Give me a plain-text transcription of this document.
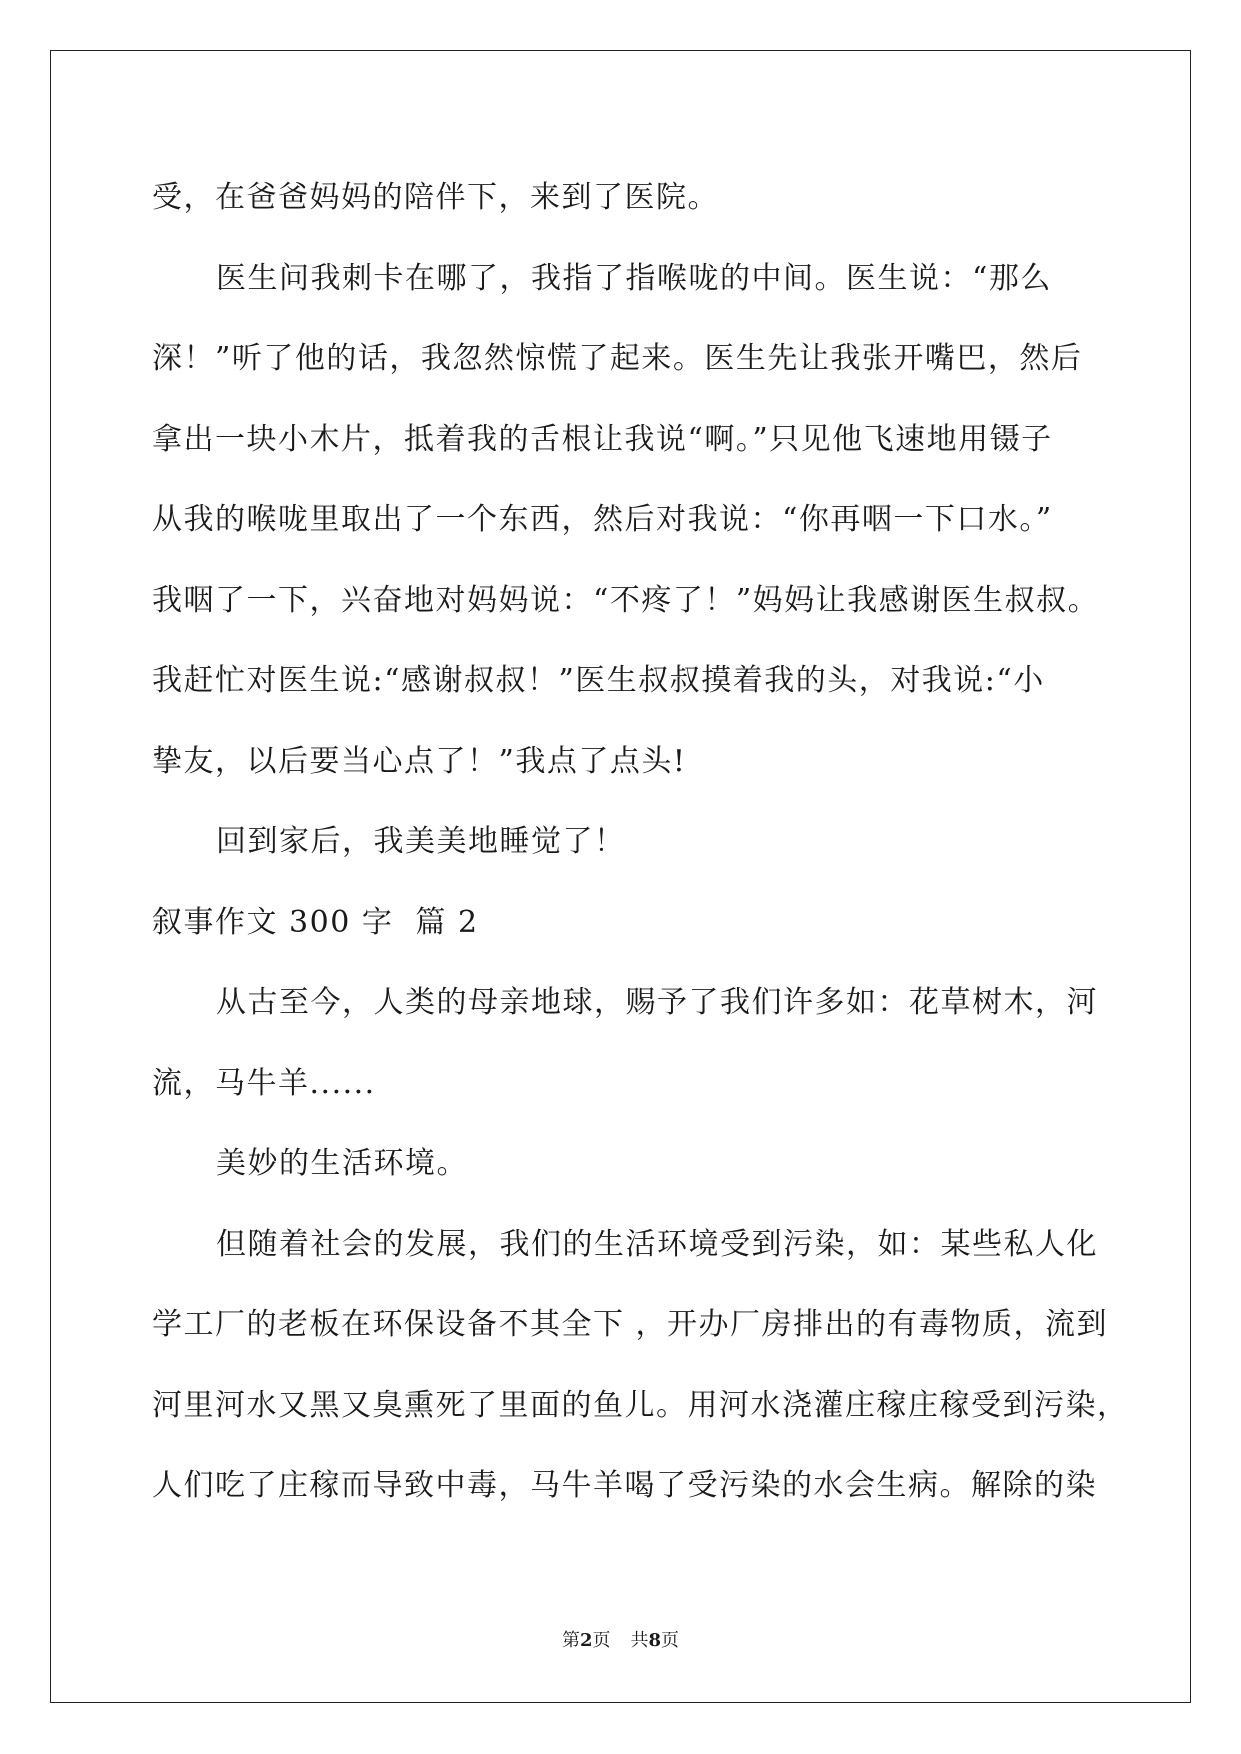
受，在爸爸妈妈的陪伴下，来到了医院。
医生问我刺卡在哪了，我指了指喉咙的中间。医生说：“那么
深！”听了他的话，我忽然惊慌了起来。医生先让我张开嘴巴，然后
拿出一块小木片，抵着我的舌根让我说“啊。”只见他飞速地用镊子
从我的喉咙里取出了一个东西，然后对我说：“你再咽一下口水。”
我咽了一下，兴奋地对妈妈说：“不疼了！”妈妈让我感谢医生叔叔。
我赶忙对医生说:“感谢叔叔！”医生叔叔摸着我的头，对我说:“小
挚友，以后要当心点了！”我点了点头!
回到家后，我美美地睡觉了！
叙事作文 300 字  篇 2
从古至今，人类的母亲地球，赐予了我们许多如：花草树木，河
流，马牛羊......
美妙的生活环境。
但随着社会的发展，我们的生活环境受到污染，如：某些私人化
学工厂的老板在环保设备不其全下 ，开办厂房排出的有毒物质，流到
河里河水又黑又臭熏死了里面的鱼儿。用河水浇灌庄稼庄稼受到污染，
人们吃了庄稼而导致中毒，马牛羊喝了受污染的水会生病。解除的染
第2页 共8页
